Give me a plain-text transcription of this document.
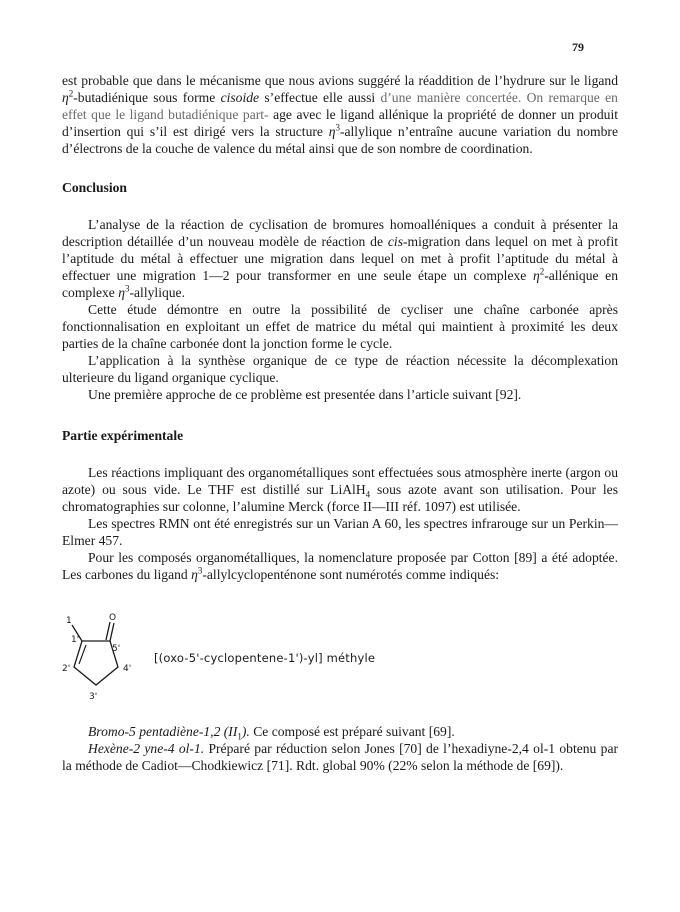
79

est probable que dans le mécanisme que nous avions suggéré la réaddition de l’hydrure sur le ligand $\eta^2$-butadiénique sous forme cisoide s’effectue elle aussi d’une manière concertée. On remarque en effet que le ligand butadiénique part- age avec le ligand allénique la propriété de donner un produit d’insertion qui s’il est dirigé vers la structure $\eta^3$-allylique n’entraîne aucune variation du nombre d’électrons de la couche de valence du métal ainsi que de son nombre de coordination.

Conclusion

L’analyse de la réaction de cyclisation de bromures homoalléniques a conduit à présenter la description détaillée d’un nouveau modèle de réaction de cis-migration dans lequel on met à profit l’aptitude du métal à effectuer une migration dans lequel on met à profit l’aptitude du métal à effectuer une migration 1—2 pour transformer en une seule étape un complexe $\eta^2$-allénique en complexe $\eta^3$-allylique.

Cette étude démontre en outre la possibilité de cycliser une chaîne carbonée après fonctionnalisation en exploitant un effet de matrice du métal qui maintient à proximité les deux parties de la chaîne carbonée dont la jonction forme le cycle.

L’application à la synthèse organique de ce type de réaction nécessite la décomplexation ulterieure du ligand organique cyclique.

Une première approche de ce problème est presentée dans l’article suivant [92].

Partie expérimentale

Les réactions impliquant des organométalliques sont effectuées sous atmosphère inerte (argon ou azote) ou sous vide. Le THF est distillé sur LiAlH$_4$ sous azote avant son utilisation. Pour les chromatographies sur colonne, l’alumine Merck (force II—III réf. 1097) est utilisée.

Les spectres RMN ont été enregistrés sur un Varian A 60, les spectres infrarouge sur un Perkin—Elmer 457.

Pour les composés organométalliques, la nomenclature proposée par Cotton [89] a été adoptée. Les carbones du ligand $\eta^3$-allylcyclopenténone sont numérotés comme indiqués:

1	O
1'
5'
2'	4'
3'
[(oxo-5'-cyclopentene-1')-yl] méthyle

Bromo-5 pentadiène-1,2 $(II_1)$. Ce composé est préparé suivant [69].

Hexène-2 yne-4 ol-1. Préparé par réduction selon Jones [70] de l’hexadiyne-2,4 ol-1 obtenu par la méthode de Cadiot—Chodkiewicz [71]. Rdt. global 90% (22% selon la méthode de [69]).
